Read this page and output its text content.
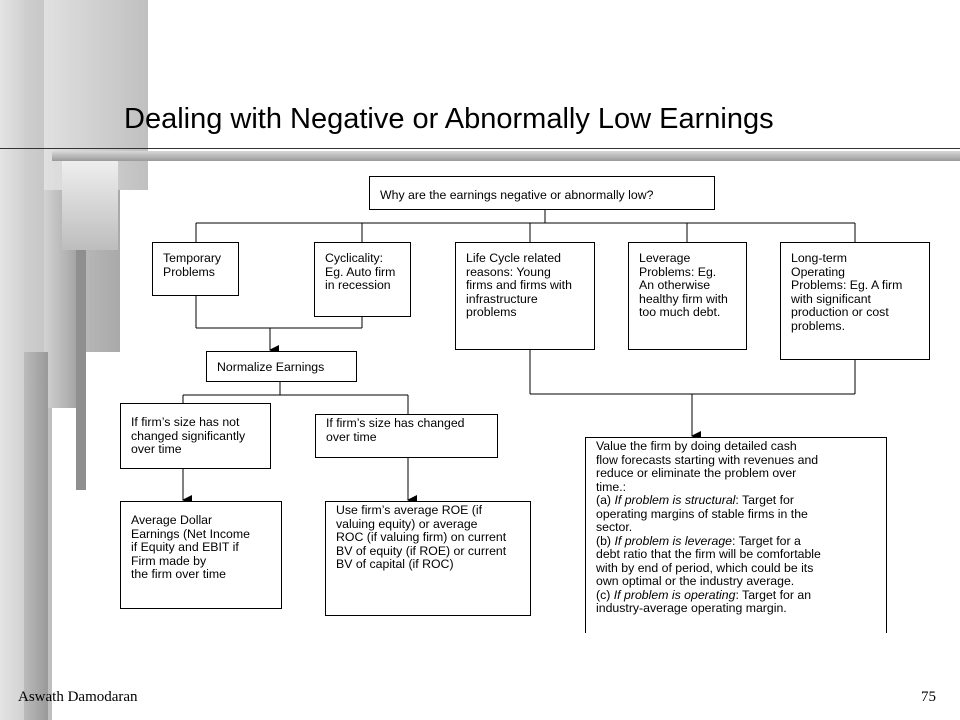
Dealing with Negative or Abnormally Low Earnings
Why are the earnings negative or abnormally low?
Temporary
Problems
Cyclicality:
Eg. Auto firm
in recession
Life Cycle related
reasons: Young
firms and firms with
infrastructure
problems
Leverage
Problems: Eg.
An otherwise
healthy firm with
too much debt.
Long-term
Operating
Problems: Eg. A firm
with significant
production or cost
problems.
Normalize Earnings
If firm’s size has not
changed significantly
over time
If firm’s size has changed
over time
Average Dollar
Earnings (Net Income
if Equity and EBIT if
Firm made by
the firm over time
Use firm’s average ROE (if
valuing equity) or average
ROC (if valuing firm) on current
BV of equity (if ROE) or current
BV of capital (if ROC)
Value the firm by doing detailed cash
flow forecasts starting with revenues and
reduce or eliminate the problem over
time.:
(a) If problem is structural: Target for
operating margins of stable firms in the
sector.
(b) If problem is leverage: Target for a
debt ratio that the firm will be comfortable
with by end of period, which could be its
own optimal or the industry average.
(c) If problem is operating: Target for an
industry-average operating margin.
Aswath Damodaran	75
